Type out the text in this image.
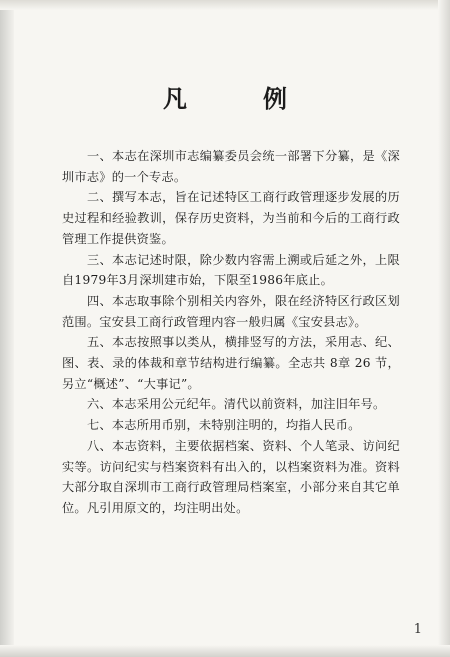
凡　例

一、本志在深圳市志编纂委员会统一部署下分纂，是《深圳市志》的一个专志。

二、撰写本志，旨在记述特区工商行政管理逐步发展的历史过程和经验教训，保存历史资料，为当前和今后的工商行政管理工作提供资鉴。

三、本志记述时限，除少数内容需上溯或后延之外，上限自1979年3月深圳建市始，下限至1986年底止。

四、本志取事除个别相关内容外，限在经济特区行政区划范围。宝安县工商行政管理内容一般归属《宝安县志》。

五、本志按照事以类从，横排竖写的方法，采用志、纪、图、表、录的体裁和章节结构进行编纂。全志共 8章 26 节，另立“概述”、“大事记”。

六、本志采用公元纪年。清代以前资料，加注旧年号。

七、本志所用币别，未特别注明的，均指人民币。

八、本志资料，主要依据档案、资料、个人笔录、访问纪实等。访问纪实与档案资料有出入的，以档案资料为准。资料大部分取自深圳市工商行政管理局档案室，小部分来自其它单位。凡引用原文的，均注明出处。

1
